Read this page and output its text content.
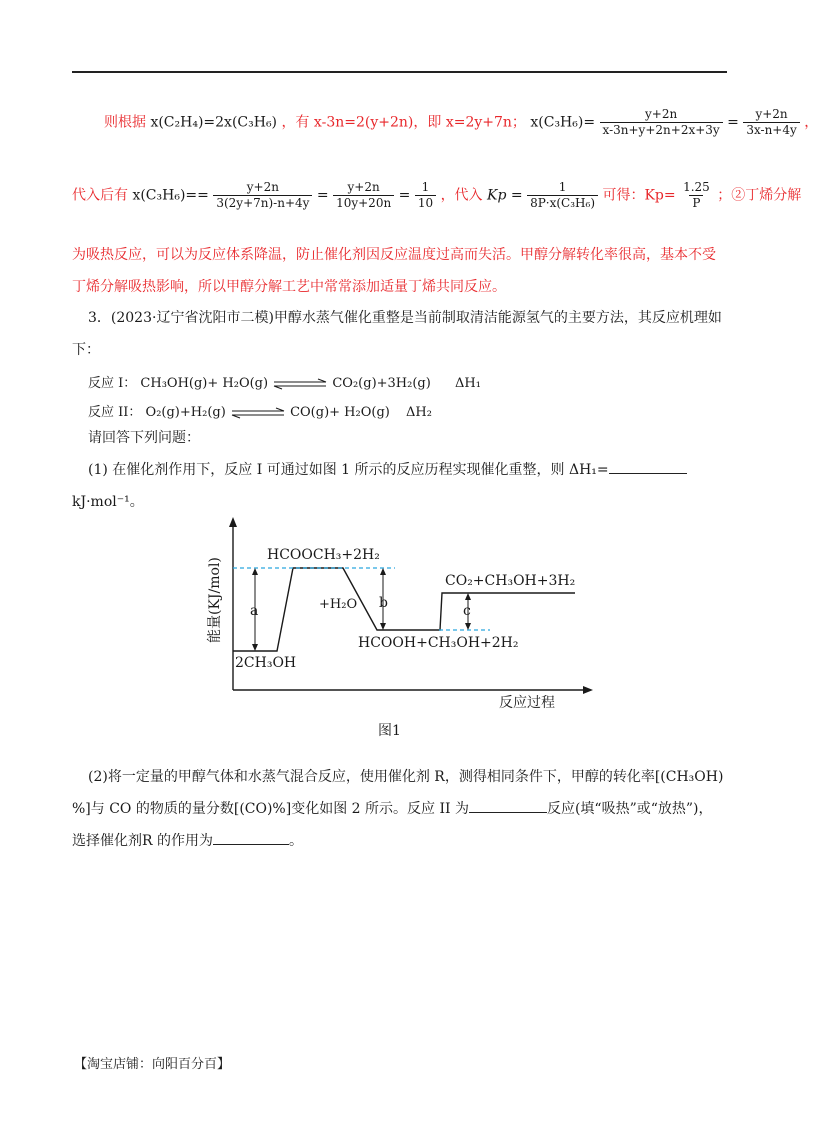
则根据 x(C₂H₄)=2x(C₃H₆) ，有 x-3n=2(y+2n)，即 x=2y+7n； $x(C_3H_6)= \frac{y+2n}{x-3n+y+2n+2x+3y} = \frac{y+2n}{3x-n+4y}$ ，
代入后有 $x(C_3H_6)== \frac{y+2n}{3(2y+7n)-n+4y} = \frac{y+2n}{10y+20n} = \frac{1}{10}$ ，代入 $Kp = \frac{1}{\text{8P·x(C₃H₆)}}$ 可得：$Kp= \frac{1.25}{P}$ ；②丁烯分解
为吸热反应，可以为反应体系降温，防止催化剂因反应温度过高而失活。甲醇分解转化率很高，基本不受
丁烯分解吸热影响，所以甲醇分解工艺中常常添加适量丁烯共同反应。
3．(2023·辽宁省沈阳市二模)甲醇水蒸气催化重整是当前制取清洁能源氢气的主要方法，其反应机理如
下：
反应 I： CH₃OH(g)+ H₂O(g)	CO₂(g)+3H₂(g) ΔH₁
反应 II： O₂(g)+H₂(g)	CO(g)+ H₂O(g) ΔH₂
请回答下列问题：
(1) 在催化剂作用下，反应 I 可通过如图 1 所示的反应历程实现催化重整，则 ΔH₁=
kJ·mol⁻¹。
能量(KJ/mol)
反应过程
a	b	c
2CH₃OH
HCOOCH₃+2H₂
+H₂O
HCOOH+CH₃OH+2H₂
CO₂+CH₃OH+3H₂
图1
(2)将一定量的甲醇气体和水蒸气混合反应，使用催化剂 R，测得相同条件下，甲醇的转化率[(CH₃OH)
%]与 CO 的物质的量分数[(CO)%]变化如图 2 所示。反应 II 为	反应(填“吸热”或“放热”)，
选择催化剂R 的作用为	。
【淘宝店铺：向阳百分百】
